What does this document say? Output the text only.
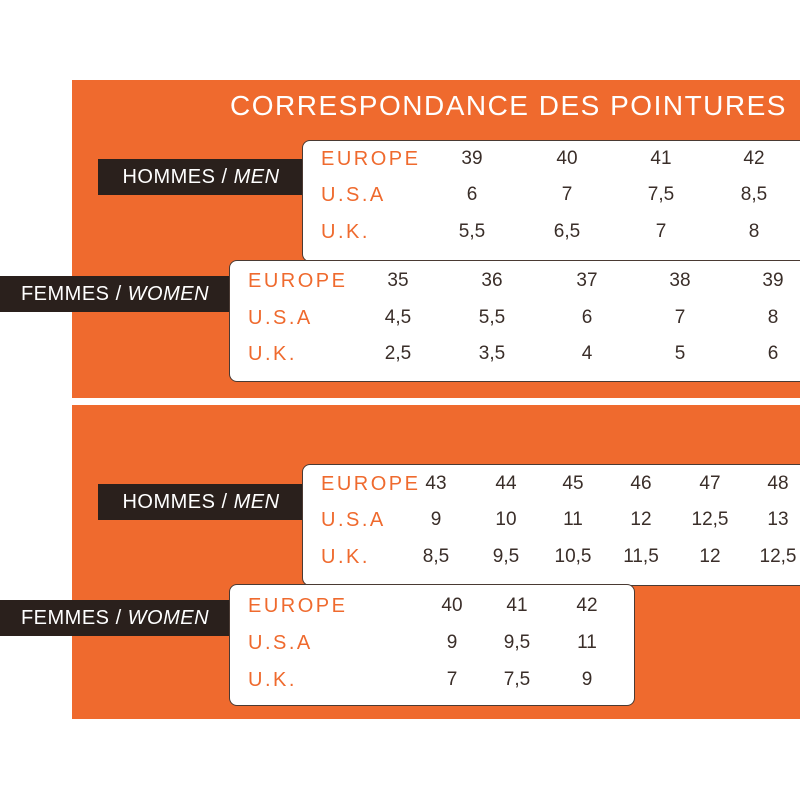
CORRESPONDANCE DES POINTURES
HOMMES / MEN
FEMMES / WOMEN
HOMMES / MEN
FEMMES / WOMEN
EUROPE 39	40	41	42
U.S.A	6	7	7,5	8,5
U.K.	5,5	6,5	7	8
EUROPE 35	36	37	38	39
U.S.A	4,5	5,5	6	7	8
U.K.	2,5	3,5	4	5	6
EUROPE 43	44 45 46	47 48
U.S.A 9	10 11	12 12,5 13
U.K.	8,5 9,5 10,5 11,5 12 12,5
EUROPE	40 41	42
U.S.A	9 9,5 11
U.K.	7 7,5	9
